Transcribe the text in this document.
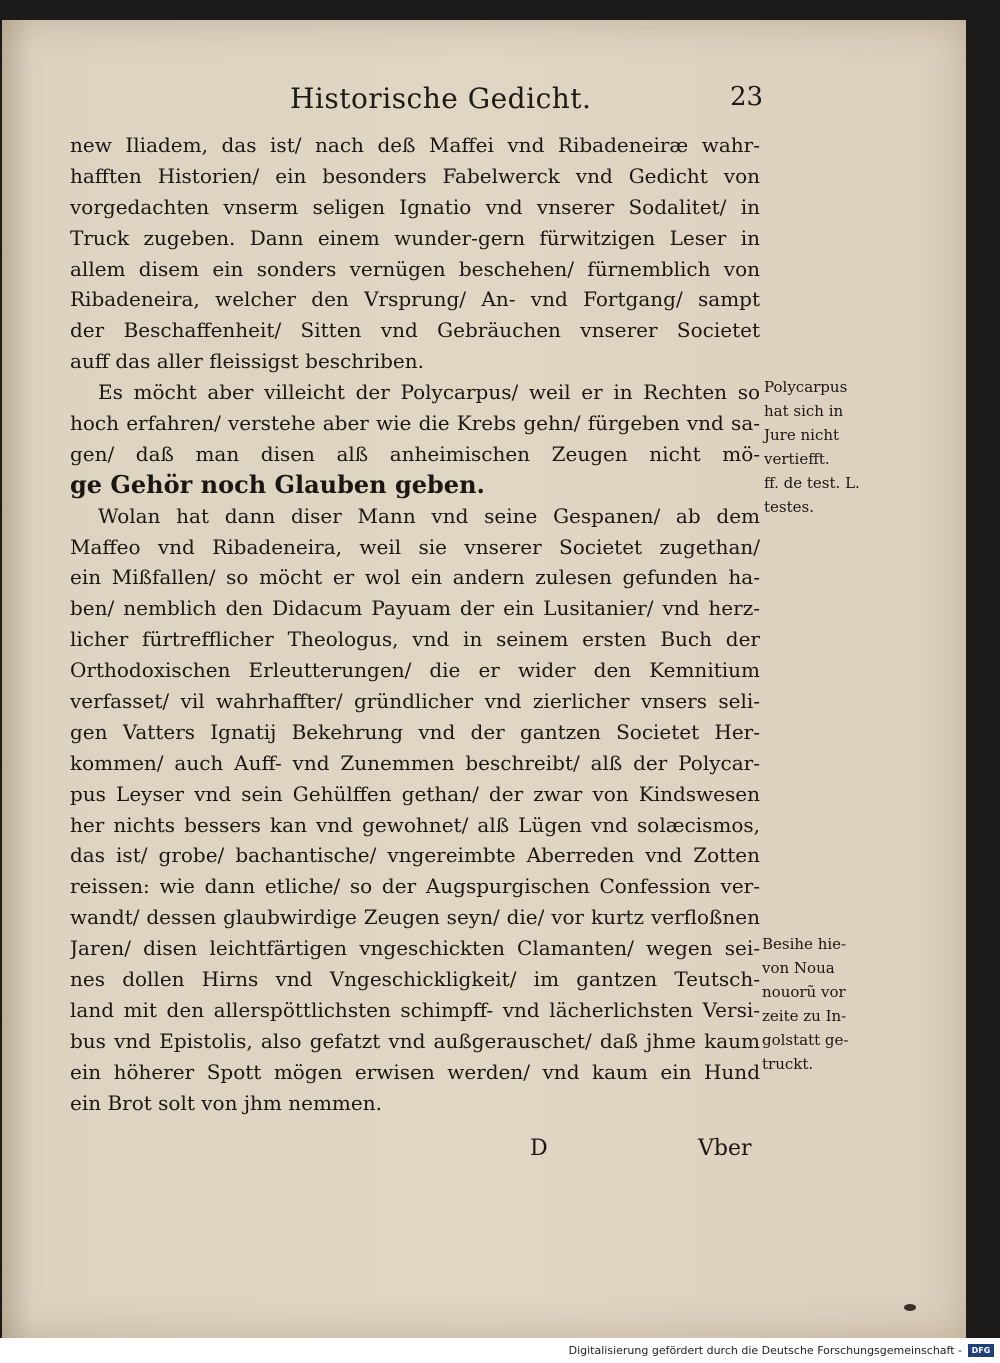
Historische Gedicht.	23
new Iliadem, das ist/ nach deß Maffei vnd Ribadeneirӕ wahr-
hafften Historien/ ein besonders Fabelwerck vnd Gedicht von
vorgedachten vnserm seligen Ignatio vnd vnserer Sodalitet/ in
Truck zugeben. Dann einem wunder-gern fürwitzigen Leser in
allem disem ein sonders vernügen beschehen/ fürnemblich von
Ribadeneira, welcher den Vrsprung/ An- vnd Fortgang/ sampt
der Beschaffenheit/ Sitten vnd Gebräuchen vnserer Societet
auff das aller fleissigst beschriben.
Es möcht aber villeicht der Polycarpus/ weil er in Rechten so
hoch erfahren/ verstehe aber wie die Krebs gehn/ fürgeben vnd sa-
gen/ daß man disen alß anheimischen Zeugen nicht mö-
ge Gehör noch Glauben geben.
Wolan hat dann diser Mann vnd seine Gespanen/ ab dem
Maffeo vnd Ribadeneira, weil sie vnserer Societet zugethan/
ein Mißfallen/ so möcht er wol ein andern zulesen gefunden ha-
ben/ nemblich den Didacum Payuam der ein Lusitanier/ vnd herz-
licher fürtrefflicher Theologus, vnd in seinem ersten Buch der
Orthodoxischen Erleutterungen/ die er wider den Kemnitium
verfasset/ vil wahrhaffter/ gründlicher vnd zierlicher vnsers seli-
gen Vatters Ignatij Bekehrung vnd der gantzen Societet Her-
kommen/ auch Auff- vnd Zunemmen beschreibt/ alß der Polycar-
pus Leyser vnd sein Gehülffen gethan/ der zwar von Kindswesen
her nichts bessers kan vnd gewohnet/ alß Lügen vnd solӕcismos,
das ist/ grobe/ bachantische/ vngereimbte Aberreden vnd Zotten
reissen: wie dann etliche/ so der Augspurgischen Confession ver-
wandt/ dessen glaubwirdige Zeugen seyn/ die/ vor kurtz verfloßnen
Jaren/ disen leichtfärtigen vngeschickten Clamanten/ wegen sei-
nes dollen Hirns vnd Vngeschickligkeit/ im gantzen Teutsch-
land mit den allerspöttlichsten schimpff- vnd lächerlichsten Versi-
bus vnd Epistolis, also gefatzt vnd außgerauschet/ daß jhme kaum
ein höherer Spott mögen erwisen werden/ vnd kaum ein Hund
ein Brot solt von jhm nemmen.
Polycarpus
hat sich in
Jure nicht
vertiefft.
ff. de test. L.
testes.
Besihe hie-
von Noua
nouorũ vor
zeite zu In-
golstatt ge-
truckt.
D	Vber
Digitalisierung gefördert durch die Deutsche Forschungsgemeinschaft -	DFG
